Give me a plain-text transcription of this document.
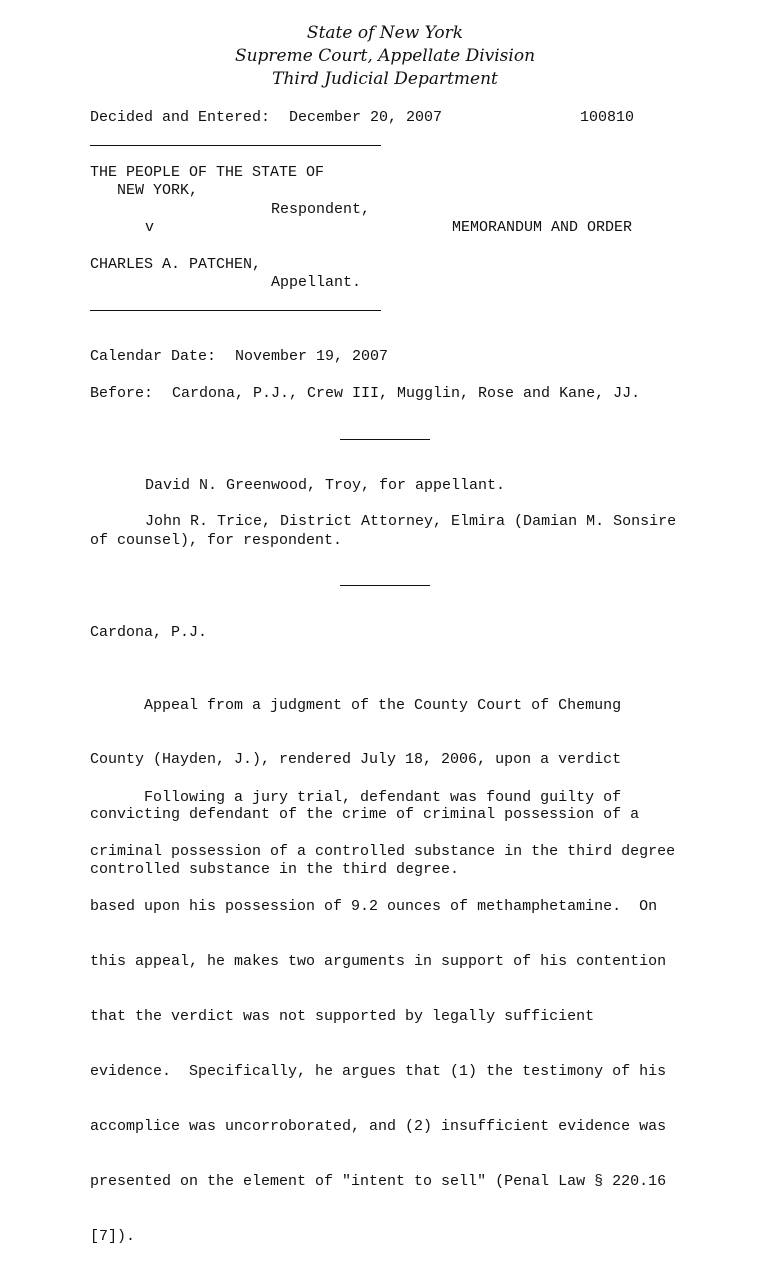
State of New York
Supreme Court, Appellate Division
Third Judicial Department
Decided and Entered: December 20, 2007	100810
THE PEOPLE OF THE STATE OF
NEW YORK,
Respondent,
v	MEMORANDUM AND ORDER
CHARLES A. PATCHEN,
Appellant.
Calendar Date: November 19, 2007
Before: Cardona, P.J., Crew III, Mugglin, Rose and Kane, JJ.
David N. Greenwood, Troy, for appellant.
John R. Trice, District Attorney, Elmira (Damian M. Sonsire
of counsel), for respondent.
Cardona, P.J.

Appeal from a judgment of the County Court of Chemung

County (Hayden, J.), rendered July 18, 2006, upon a verdict

convicting defendant of the crime of criminal possession of a

controlled substance in the third degree.

Following a jury trial, defendant was found guilty of

criminal possession of a controlled substance in the third degree

based upon his possession of 9.2 ounces of methamphetamine.  On

this appeal, he makes two arguments in support of his contention

that the verdict was not supported by legally sufficient

evidence.  Specifically, he argues that (1) the testimony of his

accomplice was uncorroborated, and (2) insufficient evidence was

presented on the element of "intent to sell" (Penal Law § 220.16

[7]).
